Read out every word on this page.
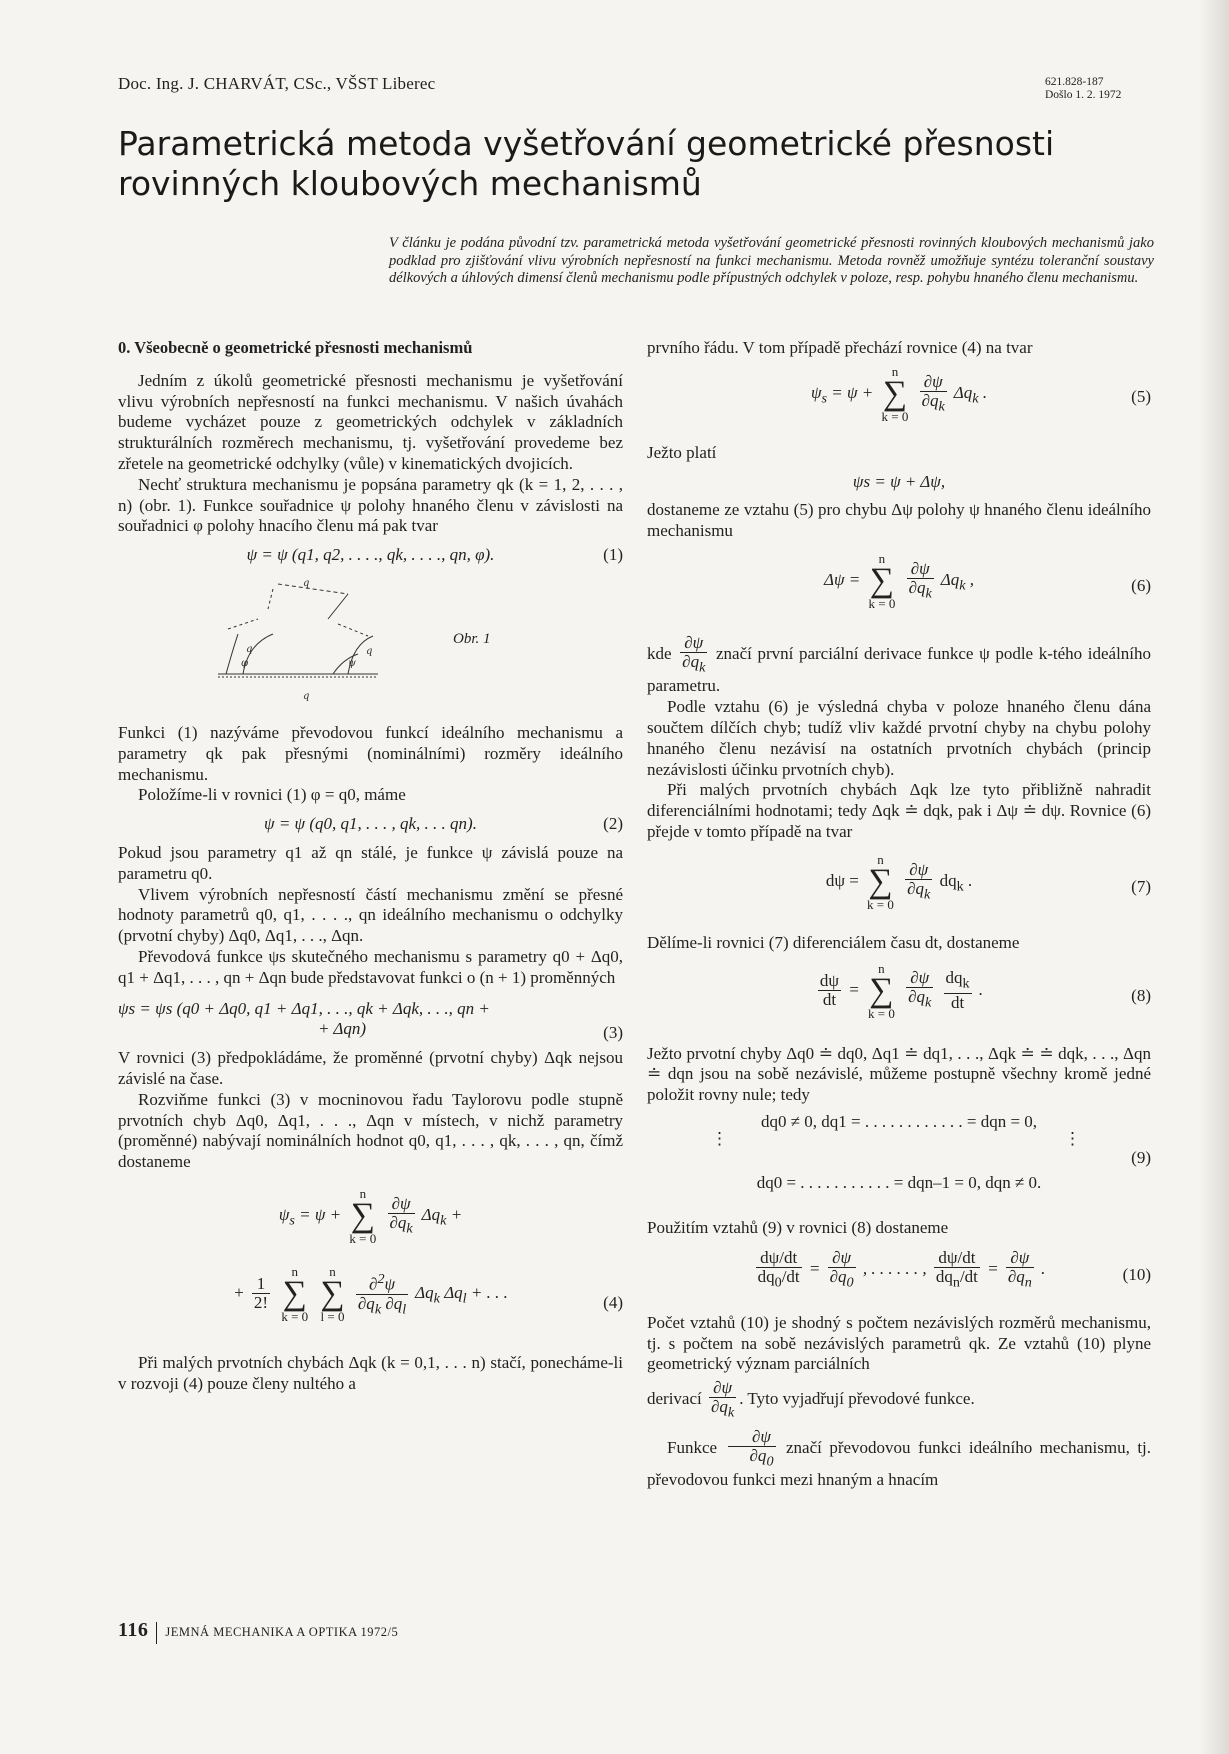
Doc. Ing. J. CHARVÁT, CSc., VŠST Liberec	621.828-187
Došlo 1. 2. 1972
Parametrická metoda vyšetřování geometrické přesnosti
rovinných kloubových mechanismů
V článku je podána původní tzv. parametrická metoda vyšetřování geometrické přesnosti rovinných kloubových mechanismů jako podklad pro zjišťování vlivu výrobních nepřesností na funkci mechanismu. Metoda rovněž umožňuje syntézu toleranční soustavy délkových a úhlových dimensí členů mechanismu podle přípustných odchylek v poloze, resp. pohybu hnaného členu mechanismu.
0. Všeobecně o geometrické přesnosti mechanismů

Jedním z úkolů geometrické přesnosti mechanismu je vyšetřování vlivu výrobních nepřesností na funkci mechanismu. V našich úvahách budeme vycházet pouze z geometrických odchylek v základních strukturálních rozměrech mechanismu, tj. vyšetřování provedeme bez zřetele na geometrické odchylky (vůle) v kinematických dvojicích.

Nechť struktura mechanismu je popsána parametry qk (k = 1, 2, . . . , n) (obr. 1). Funkce souřadnice ψ polohy hnaného členu v závislosti na souřadnici φ polohy hnacího členu má pak tvar

ψ = ψ (q1, q2, . . . ., qk, . . . ., qn, φ).	(1)
q
q	q
φ	ψ
q
Obr. 1

Funkci (1) nazýváme převodovou funkcí ideálního mechanismu a parametry qk pak přesnými (nominálními) rozměry ideálního mechanismu.

Položíme-li v rovnici (1) φ = q0, máme

ψ = ψ (q0, q1, . . . , qk, . . . qn).	(2)

Pokud jsou parametry q1 až qn stálé, je funkce ψ závislá pouze na parametru q0.

Vlivem výrobních nepřesností částí mechanismu změní se přesné hodnoty parametrů q0, q1, . . . ., qn ideálního mechanismu o odchylky (prvotní chyby) Δq0, Δq1, . . ., Δqn.

Převodová funkce ψs skutečného mechanismu s parametry q0 + Δq0, q1 + Δq1, . . . , qn + Δqn bude představovat funkci o (n + 1) proměnných

ψs = ψs (q0 + Δq0, q1 + Δq1, . . ., qk + Δqk, . . ., qn +
+ Δqn)	(3)

V rovnici (3) předpokládáme, že proměnné (prvotní chyby) Δqk nejsou závislé na čase.

Rozviňme funkci (3) v mocninovou řadu Taylorovu podle stupně prvotních chyb Δq0, Δq1, . . ., Δqn v místech, v nichž parametry (proměnné) nabývají nominálních hodnot q0, q1, . . . , qk, . . . , qn, čímž dostaneme

$\psi_s = \psi + n$
∑
k = 0
$\frac{\partial\psi}{\partial q_k} \Delta q_k$ +
+ $\frac{1}{2!}$
n
∑
k = 0 n
∑
$l = 0 \frac{\partial^2\psi}{\partial q_k \partial q_l} \Delta q_k$ $\Delta q_l$ + . . .
(4)

Při malých prvotních chybách Δqk (k = 0,1, . . . n) stačí, ponecháme-li v rozvoji (4) pouze členy nultého a

prvního řádu. V tom případě přechází rovnice (4) na tvar

$\psi_s = \psi + n$
∑
k = 0
$\frac{\partial\psi}{\partial q_k} \Delta q_k$ .	(5)

Ježto platí

ψs = ψ + Δψ,

dostaneme ze vztahu (5) pro chybu Δψ polohy ψ hnaného členu ideálního mechanismu

Δψ = n
∑
k = 0
$\frac{\partial\psi}{\partial q_k} \Delta q_k$ ,	(6)

kde $\frac{\partial\psi}{\partial q_k}$ značí první parciální derivace funkce ψ podle k-tého ideálního parametru.

Podle vztahu (6) je výsledná chyba v poloze hnaného členu dána součtem dílčích chyb; tudíž vliv každé prvotní chyby na chybu polohy hnaného členu nezávisí na ostatních prvotních chybách (princip nezávislosti účinku prvotních chyb).

Při malých prvotních chybách Δqk lze tyto přibližně nahradit diferenciálními hodnotami; tedy Δqk ≐ dqk, pak i Δψ ≐ dψ. Rovnice (6) přejde v tomto případě na tvar

dψ = n
∑
k = 0
$\frac{\partial\psi}{\partial q_k} dq_k$ .	(7)

Dělíme-li rovnici (7) diferenciálem času dt, dostaneme

$\frac{d\psi}{dt} = n$
∑
k = 0
$\frac{\partial\psi}{\partial q_k}$
$\frac{dq_k}{dt}$ .	(8)

Ježto prvotní chyby Δq0 ≐ dq0, Δq1 ≐ dq1, . . ., Δqk ≐ ≐ dqk, . . ., Δqn ≐ dqn jsou na sobě nezávislé, můžeme postupně všechny kromě jedné položit rovny nule; tedy

dq0 ≠ 0, dq1 = . . . . . . . . . . . . = dqn = 0,
⋮	⋮
dq0 = . . . . . . . . . . . = dqn–1 = 0, dqn ≠ 0.
(9)

Použitím vztahů (9) v rovnici (8) dostaneme

$\frac{d\psi/dt}{dq_0/dt} = \frac{\partial\psi}{\partial q_0}$ , . . . . . . , $\frac{d\psi/dt}{dq_n/dt} = \frac{\partial\psi}{\partial q_n}$ .	(10)

Počet vztahů (10) je shodný s počtem nezávislých rozměrů mechanismu, tj. s počtem na sobě nezávislých parametrů qk. Ze vztahů (10) plyne geometrický význam parciálních

derivací $\frac{\partial\psi}{\partial q_k}$ . Tyto vyjadřují převodové funkce.

Funkce $\frac{\partial\psi}{\partial q_0}$ značí převodovou funkci ideálního mechanismu, tj. převodovou funkci mezi hnaným a hnacím

116 JEMNÁ MECHANIKA A OPTIKA 1972/5
